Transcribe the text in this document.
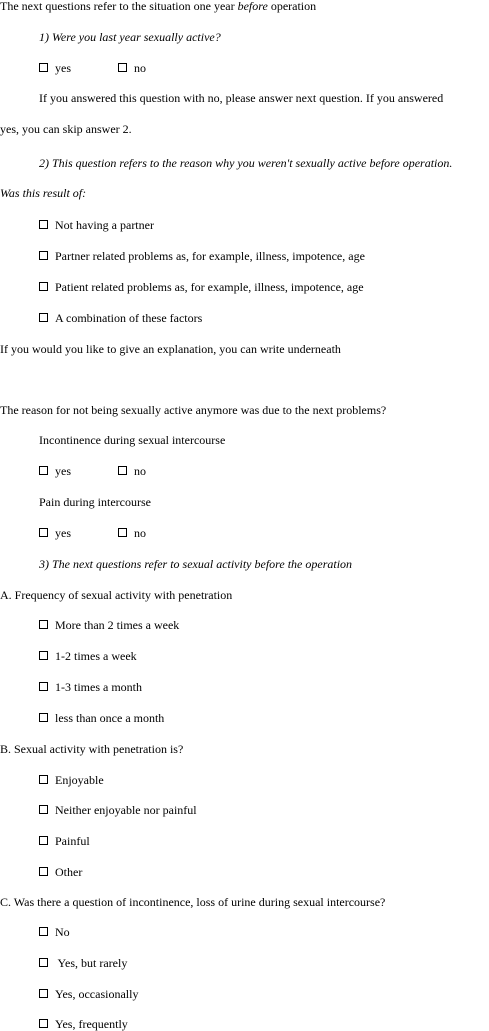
The next questions refer to the situation one year before operation
1) Were you last year sexually active?
yes	no
If you answered this question with no, please answer next question. If you answered
yes, you can skip answer 2.
2) This question refers to the reason why you weren't sexually active before operation.
Was this result of:
Not having a partner
Partner related problems as, for example, illness, impotence, age
Patient related problems as, for example, illness, impotence, age
A combination of these factors
If you would you like to give an explanation, you can write underneath
The reason for not being sexually active anymore was due to the next problems?
Incontinence during sexual intercourse
yes	no
Pain during intercourse
yes	no
3) The next questions refer to sexual activity before the operation
A. Frequency of sexual activity with penetration
More than 2 times a week
1-2 times a week
1-3 times a month
less than once a month
B. Sexual activity with penetration is?
Enjoyable
Neither enjoyable nor painful
Painful
Other
C. Was there a question of incontinence, loss of urine during sexual intercourse?
No
Yes, but rarely
Yes, occasionally
Yes, frequently
